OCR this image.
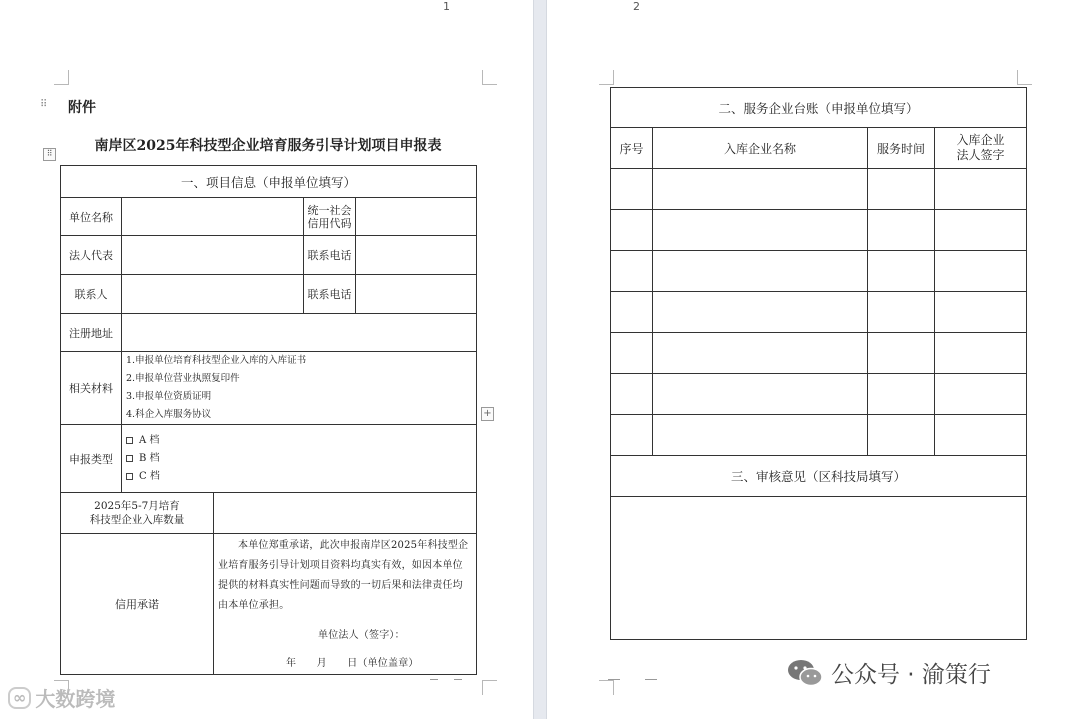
⠿ 附件
⠿	南岸区2025年科技型企业培育服务引导计划项目申报表
一、项目信息（申报单位填写）				
单位名称			统一社会
信用代码	

法人代表			联系电话	
联系人			联系电话	
注册地址				
相关材料	1.申报单位培育科技型企业入库的入库证书
2.申报单位营业执照复印件
3.申报单位资质证明
4.科企入库服务协议			

申报类型	A 档
B 档
C 档			

2025年5-7月培育
科技型企业入库数量				

信用承诺		本单位郑重承诺，此次申报南岸区2025年科技型企业培育服务引导计划项目资料均真实有效，如因本单位提供的材料真实性问题而导致的一切后果和法律责任均由本单位承担。
单位法人（签字）：
年　　月　　日（单位盖章）		
+
1
二、服务企业台账（申报单位填写）			
序号	入库企业名称	服务时间	入库企业
法人签字

三、审核意见（区科技局填写）			

2
公众号 · 渝策行
∞ 大数跨境
